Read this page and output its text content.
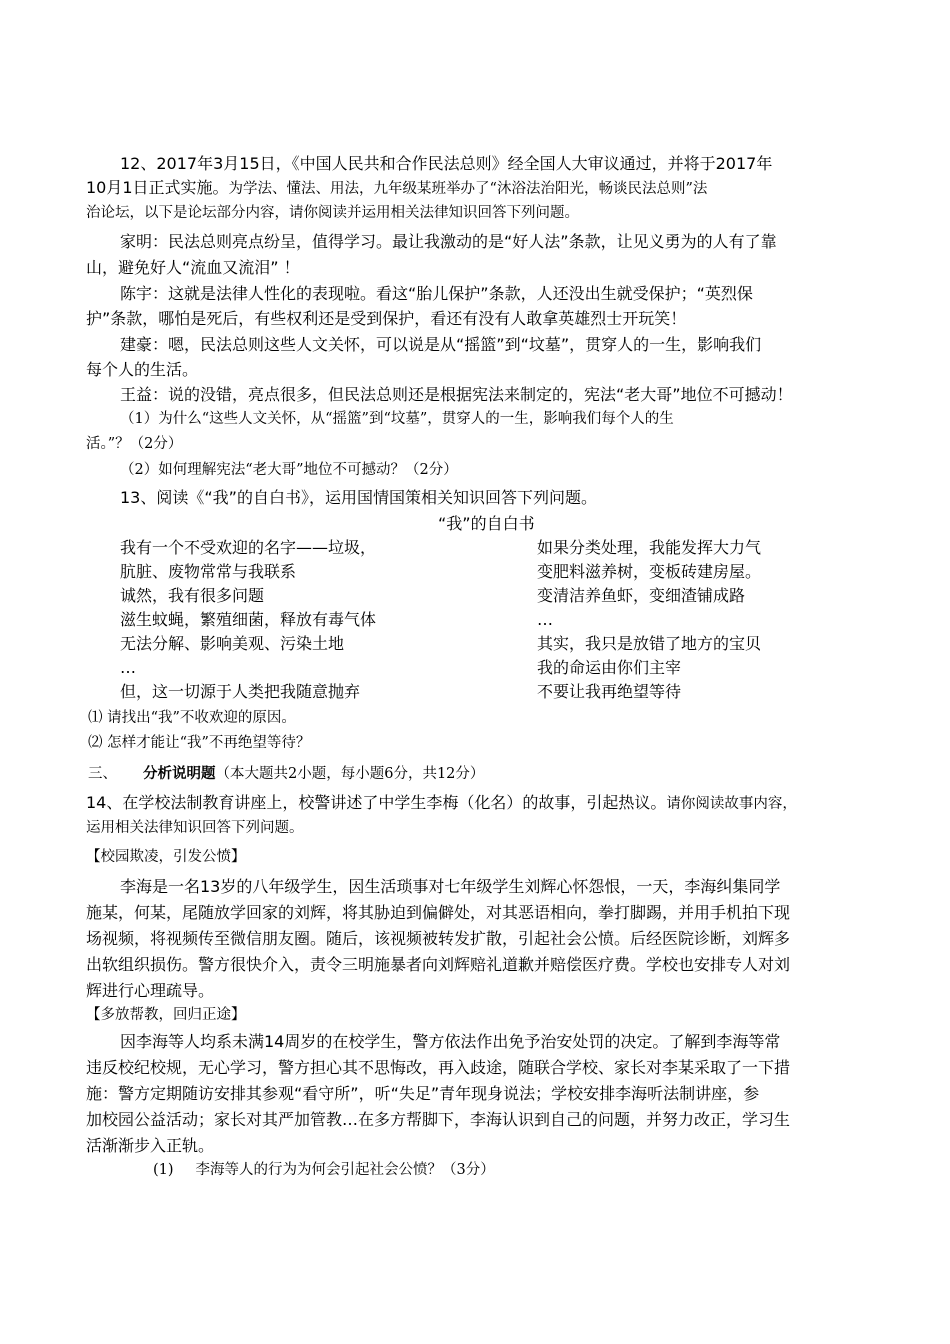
12、2017年3月15日，《中国人民共和合作民法总则》经全国人大审议通过，并将于2017年
10月1日正式实施。为学法、懂法、用法，九年级某班举办了“沐浴法治阳光，畅谈民法总则”法
治论坛，以下是论坛部分内容，请你阅读并运用相关法律知识回答下列问题。
家明：民法总则亮点纷呈，值得学习。最让我激动的是“好人法”条款，让见义勇为的人有了靠
山，避免好人“流血又流泪” ！
陈宇：这就是法律人性化的表现啦。看这“胎儿保护”条款，人还没出生就受保护；“英烈保
护”条款，哪怕是死后，有些权利还是受到保护，看还有没有人敢拿英雄烈士开玩笑！
建豪：嗯，民法总则这些人文关怀，可以说是从“摇篮”到“坟墓”，贯穿人的一生，影响我们
每个人的生活。
王益：说的没错，亮点很多，但民法总则还是根据宪法来制定的，宪法“老大哥”地位不可撼动！
（1）为什么“这些人文关怀，从“摇篮”到“坟墓”，贯穿人的一生，影响我们每个人的生
活。”？（2分）
（2）如何理解宪法“老大哥”地位不可撼动？（2分）
13、阅读《“我”的自白书》，运用国情国策相关知识回答下列问题。
“我”的自白书
我有一个不受欢迎的名字——垃圾，
肮脏、废物常常与我联系
诚然，我有很多问题
滋生蚊蝇，繁殖细菌，释放有毒气体
无法分解、影响美观、污染土地
…
但，这一切源于人类把我随意抛弃
如果分类处理，我能发挥大力气
变肥料滋养树，变板砖建房屋。
变清洁养鱼虾，变细渣铺成路
…
其实，我只是放错了地方的宝贝
我的命运由你们主宰
不要让我再绝望等待
⑴ 请找出“我”不收欢迎的原因。
⑵ 怎样才能让“我”不再绝望等待？
三、 分析说明题（本大题共2小题，每小题6分，共12分）
14、在学校法制教育讲座上，校警讲述了中学生李梅（化名）的故事，引起热议。请你阅读故事内容，
运用相关法律知识回答下列问题。
【校园欺凌，引发公愤】
李海是一名13岁的八年级学生，因生活琐事对七年级学生刘辉心怀怨恨，一天，李海纠集同学
施某，何某，尾随放学回家的刘辉，将其胁迫到偏僻处，对其恶语相向，拳打脚踢，并用手机拍下现
场视频，将视频传至微信朋友圈。随后，该视频被转发扩散，引起社会公愤。后经医院诊断，刘辉多
出软组织损伤。警方很快介入，责令三明施暴者向刘辉赔礼道歉并赔偿医疗费。学校也安排专人对刘
辉进行心理疏导。
【多放帮教，回归正途】
因李海等人均系未满14周岁的在校学生，警方依法作出免予治安处罚的决定。了解到李海等常
违反校纪校规，无心学习，警方担心其不思悔改，再入歧途，随联合学校、家长对李某采取了一下措
施：警方定期随访安排其参观“看守所”，听“失足”青年现身说法；学校安排李海听法制讲座，参
加校园公益活动；家长对其严加管教…在多方帮脚下，李海认识到自己的问题，并努力改正，学习生
活渐渐步入正轨。
(1) 李海等人的行为为何会引起社会公愤？（3分）
